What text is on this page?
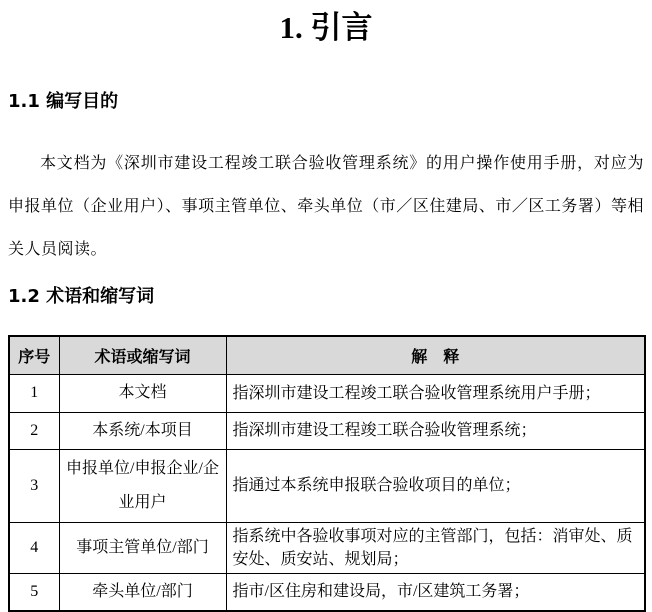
1. 引言
1.1 编写目的

本文档为《深圳市建设工程竣工联合验收管理系统》的用户操作使用手册，对应为申报单位（企业用户）、事项主管单位、牵头单位（市／区住建局、市／区工务署）等相关人员阅读。

1.2 术语和缩写词
序号	术语或缩写词	解　释
1	本文档	指深圳市建设工程竣工联合验收管理系统用户手册；
2	本系统/本项目	指深圳市建设工程竣工联合验收管理系统；
3	申报单位/申报企业/企业用户	指通过本系统申报联合验收项目的单位；
4	事项主管单位/部门	指系统中各验收事项对应的主管部门，包括：消审处、质安处、质安站、规划局；
5	牵头单位/部门	指市/区住房和建设局，市/区建筑工务署；
